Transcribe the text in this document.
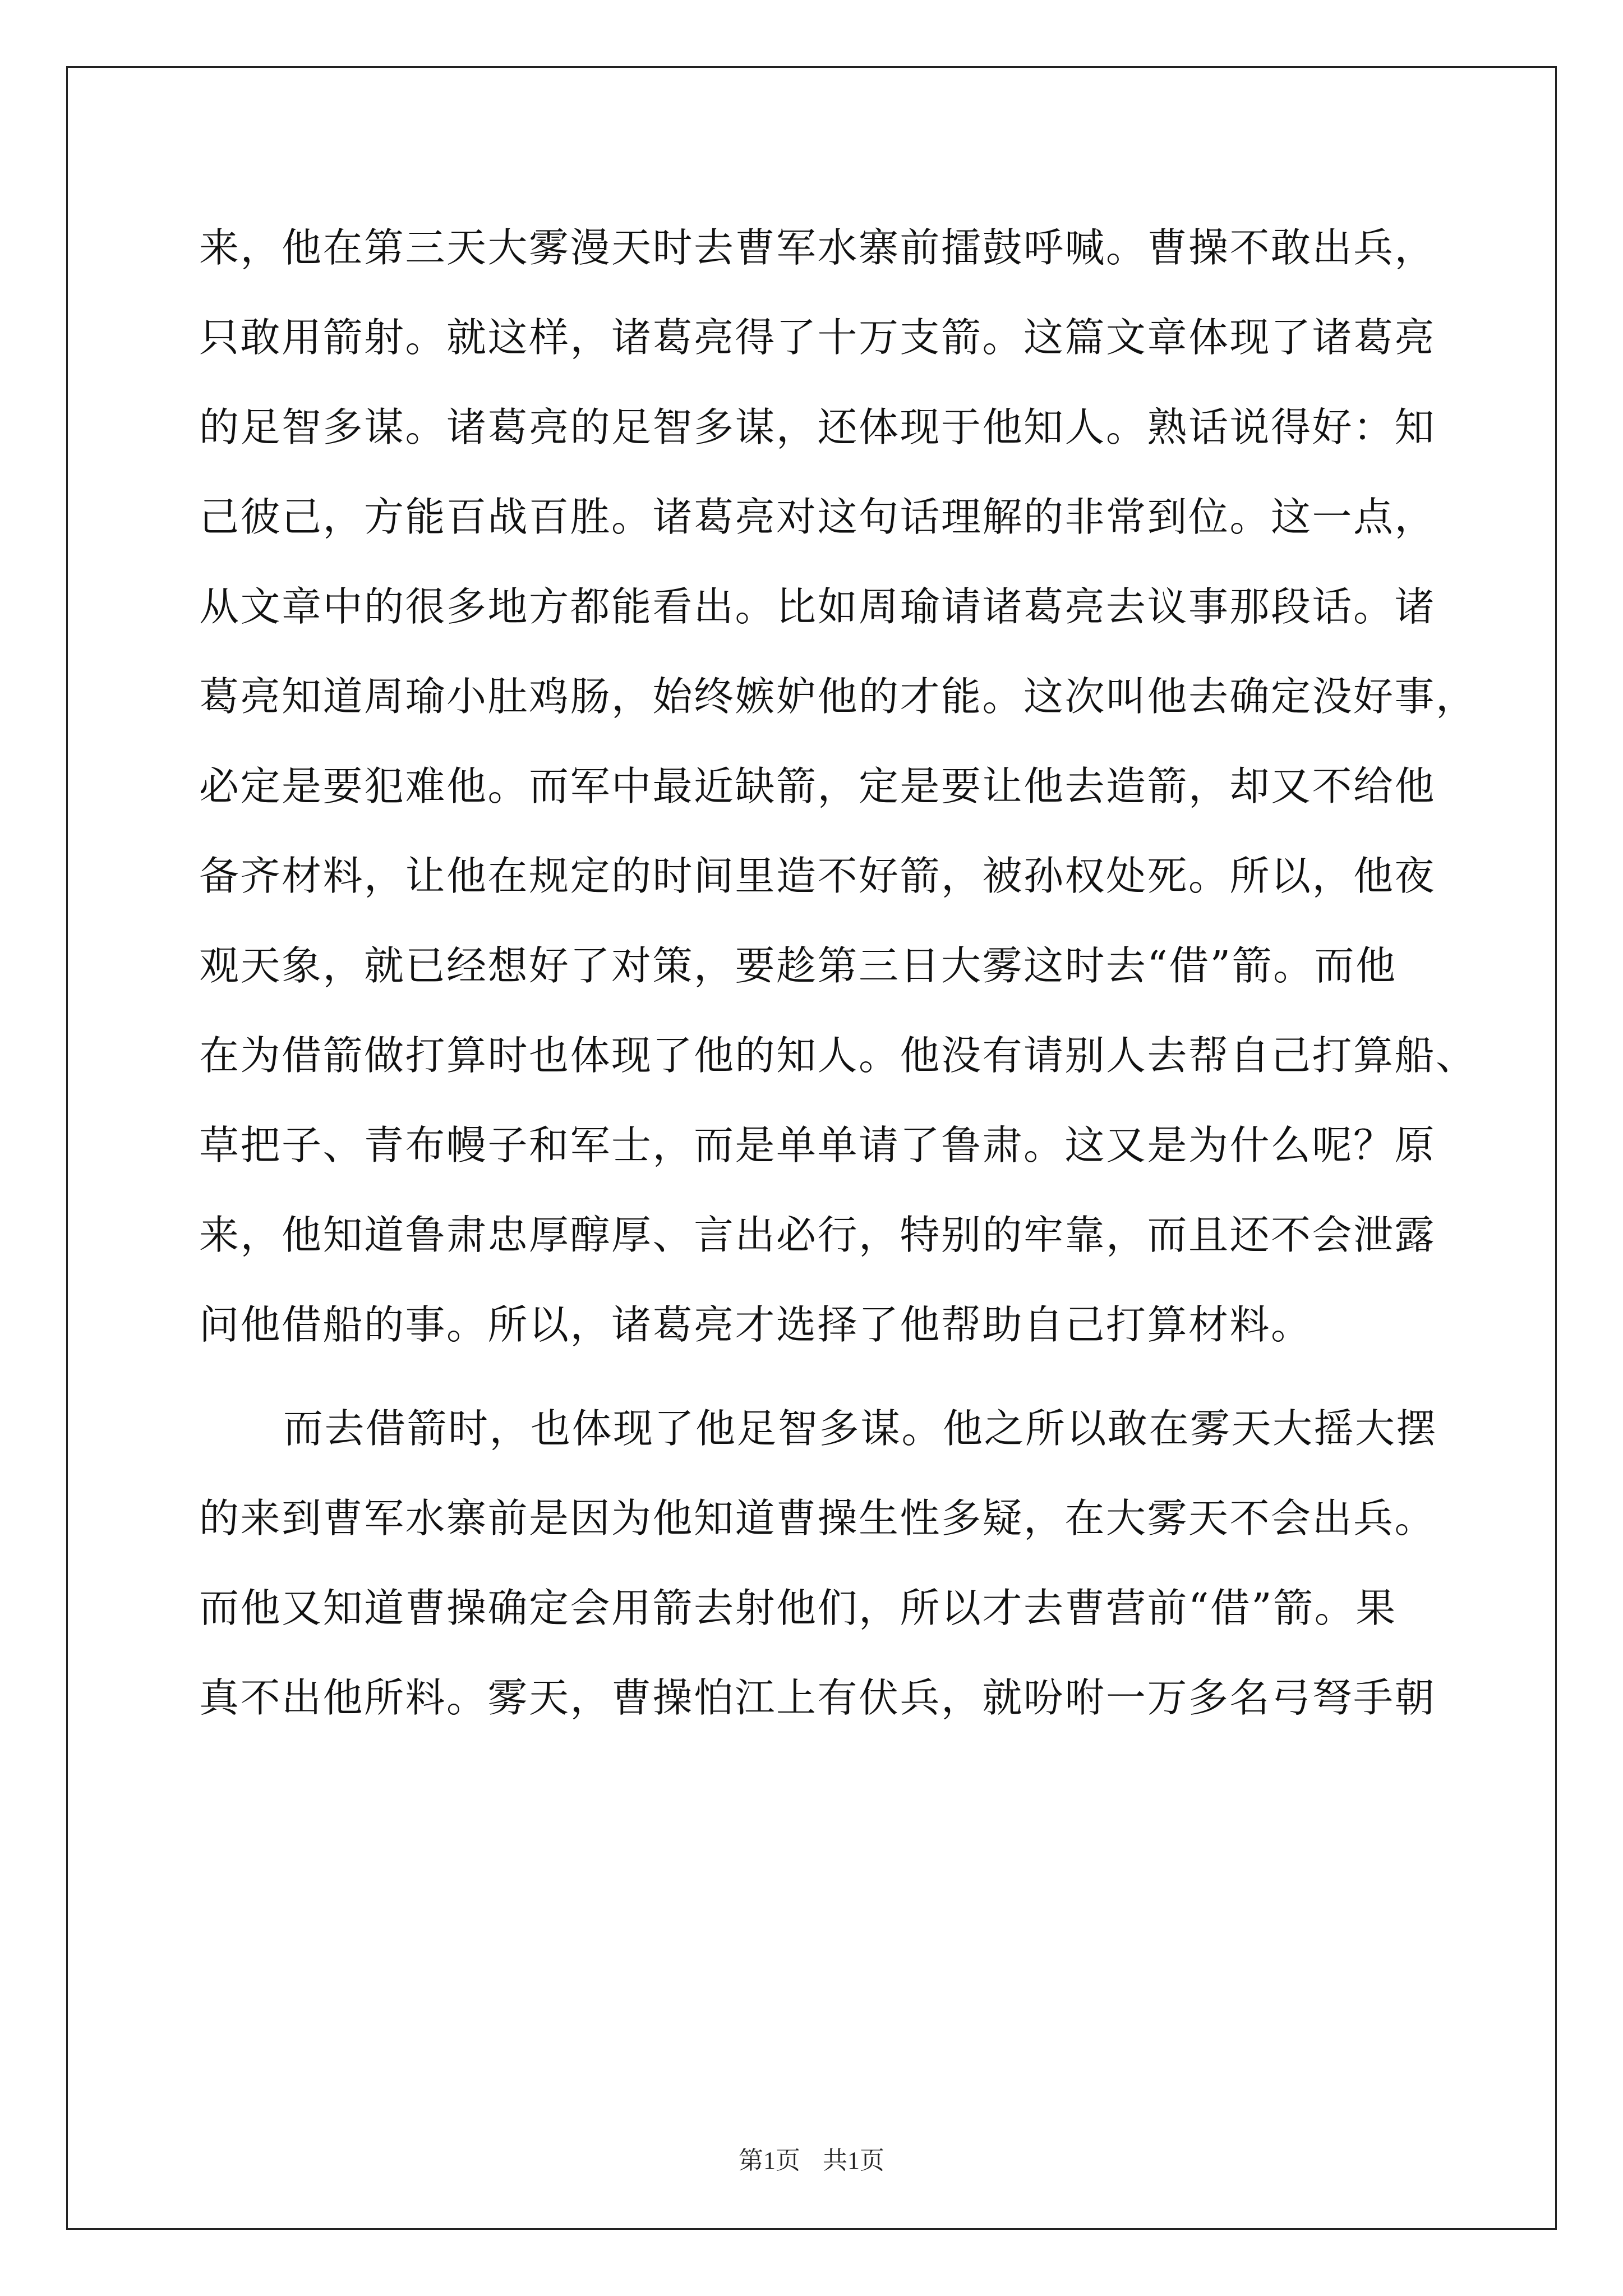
来，他在第三天大雾漫天时去曹军水寨前擂鼓呼喊。曹操不敢出兵，
只敢用箭射。就这样，诸葛亮得了十万支箭。这篇文章体现了诸葛亮
的足智多谋。诸葛亮的足智多谋，还体现于他知人。熟话说得好：知
己彼己，方能百战百胜。诸葛亮对这句话理解的非常到位。这一点，
从文章中的很多地方都能看出。比如周瑜请诸葛亮去议事那段话。诸
葛亮知道周瑜小肚鸡肠，始终嫉妒他的才能。这次叫他去确定没好事，
必定是要犯难他。而军中最近缺箭，定是要让他去造箭，却又不给他
备齐材料，让他在规定的时间里造不好箭，被孙权处死。所以，他夜
观天象，就已经想好了对策，要趁第三日大雾这时去“借”箭。而他
在为借箭做打算时也体现了他的知人。他没有请别人去帮自己打算船、
草把子、青布幔子和军士，而是单单请了鲁肃。这又是为什么呢？原
来，他知道鲁肃忠厚醇厚、言出必行，特别的牢靠，而且还不会泄露
问他借船的事。所以，诸葛亮才选择了他帮助自己打算材料。
而去借箭时，也体现了他足智多谋。他之所以敢在雾天大摇大摆
的来到曹军水寨前是因为他知道曹操生性多疑，在大雾天不会出兵。
而他又知道曹操确定会用箭去射他们，所以才去曹营前“借”箭。果
真不出他所料。雾天，曹操怕江上有伏兵，就吩咐一万多名弓弩手朝
第1页 共1页
